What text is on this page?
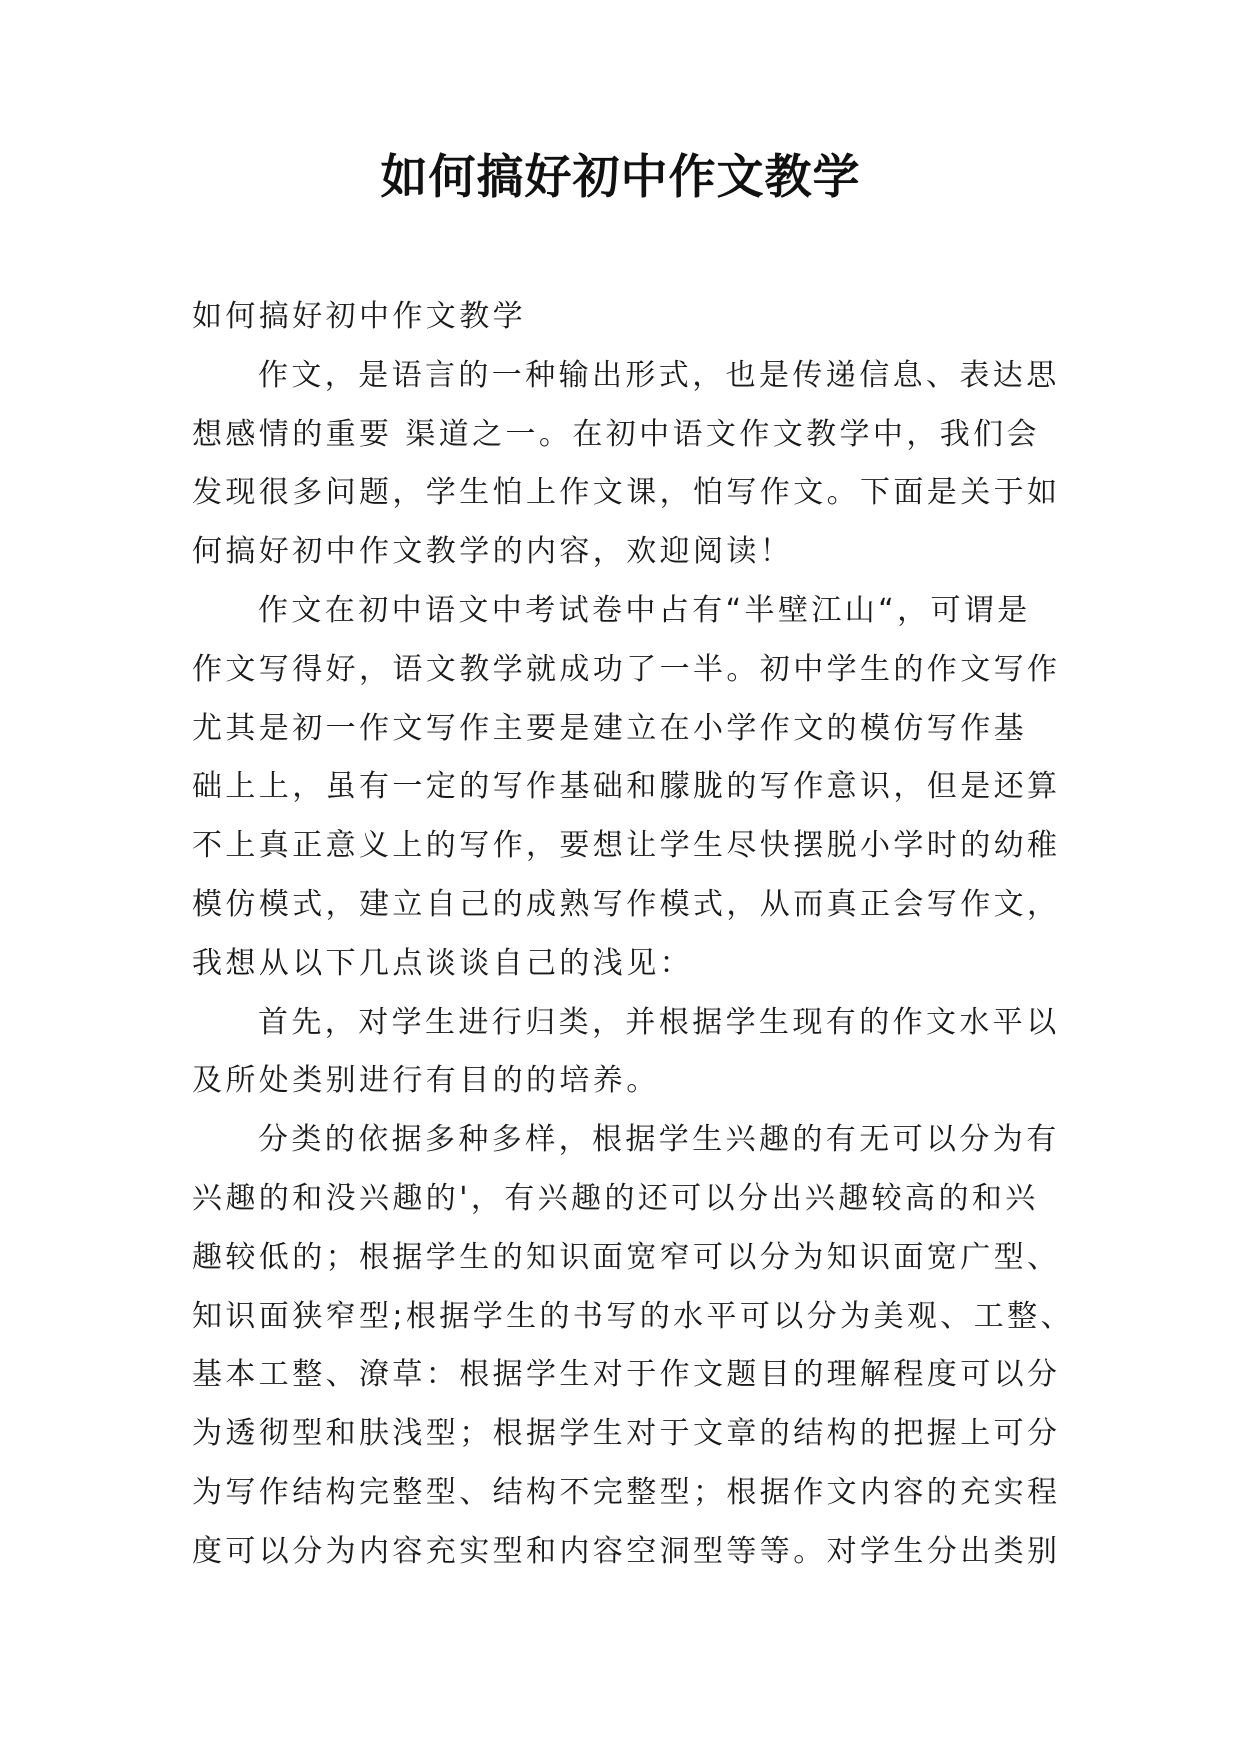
如何搞好初中作文教学
如何搞好初中作文教学
作文，是语言的一种输出形式，也是传递信息、表达思
想感情的重要 渠道之一。在初中语文作文教学中，我们会
发现很多问题，学生怕上作文课，怕写作文。下面是关于如
何搞好初中作文教学的内容，欢迎阅读！
作文在初中语文中考试卷中占有“半壁江山“，可谓是
作文写得好，语文教学就成功了一半。初中学生的作文写作
尤其是初一作文写作主要是建立在小学作文的模仿写作基
础上上，虽有一定的写作基础和朦胧的写作意识，但是还算
不上真正意义上的写作，要想让学生尽快摆脱小学时的幼稚
模仿模式，建立自己的成熟写作模式，从而真正会写作文，
我想从以下几点谈谈自己的浅见：
首先，对学生进行归类，并根据学生现有的作文水平以
及所处类别进行有目的的培养。
分类的依据多种多样，根据学生兴趣的有无可以分为有
兴趣的和没兴趣的'，有兴趣的还可以分出兴趣较高的和兴
趣较低的；根据学生的知识面宽窄可以分为知识面宽广型、
知识面狭窄型;根据学生的书写的水平可以分为美观、工整、
基本工整、潦草：根据学生对于作文题目的理解程度可以分
为透彻型和肤浅型；根据学生对于文章的结构的把握上可分
为写作结构完整型、结构不完整型；根据作文内容的充实程
度可以分为内容充实型和内容空洞型等等。对学生分出类别
